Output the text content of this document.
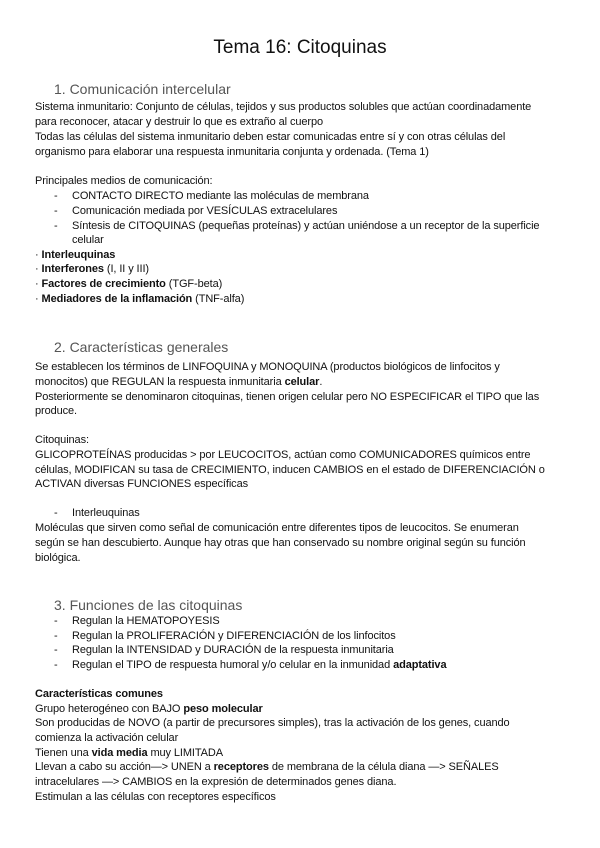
Tema 16: Citoquinas
1. Comunicación intercelular
Sistema inmunitario: Conjunto de células, tejidos y sus productos solubles que actúan coordinadamente
para reconocer, atacar y destruir lo que es extraño al cuerpo
Todas las células del sistema inmunitario deben estar comunicadas entre sí y con otras células del
organismo para elaborar una respuesta inmunitaria conjunta y ordenada. (Tema 1)
Principales medios de comunicación:
- CONTACTO DIRECTO mediante las moléculas de membrana
- Comunicación mediada por VESÍCULAS extracelulares
- Síntesis de CITOQUINAS (pequeñas proteínas) y actúan uniéndose a un receptor de la superficie
celular
· Interleuquinas
· Interferones (I, II y III)
· Factores de crecimiento (TGF-beta)
· Mediadores de la inflamación (TNF-alfa)
2. Características generales
Se establecen los términos de LINFOQUINA y MONOQUINA (productos biológicos de linfocitos y
monocitos) que REGULAN la respuesta inmunitaria celular.
Posteriormente se denominaron citoquinas, tienen origen celular pero NO ESPECIFICAR el TIPO que las
produce.
Citoquinas:
GLICOPROTEÍNAS producidas > por LEUCOCITOS, actúan como COMUNICADORES químicos entre
células, MODIFICAN su tasa de CRECIMIENTO, inducen CAMBIOS en el estado de DIFERENCIACIÓN o
ACTIVAN diversas FUNCIONES específicas
- Interleuquinas
Moléculas que sirven como señal de comunicación entre diferentes tipos de leucocitos. Se enumeran
según se han descubierto. Aunque hay otras que han conservado su nombre original según su función
biológica.
3. Funciones de las citoquinas
- Regulan la HEMATOPOYESIS
- Regulan la PROLIFERACIÓN y DIFERENCIACIÓN de los linfocitos
- Regulan la INTENSIDAD y DURACIÓN de la respuesta inmunitaria
- Regulan el TIPO de respuesta humoral y/o celular en la inmunidad adaptativa
Características comunes
Grupo heterogéneo con BAJO peso molecular
Son producidas de NOVO (a partir de precursores simples), tras la activación de los genes, cuando
comienza la activación celular
Tienen una vida media muy LIMITADA
Llevan a cabo su acción—> UNEN a receptores de membrana de la célula diana —> SEÑALES
intracelulares —> CAMBIOS en la expresión de determinados genes diana.
Estimulan a las células con receptores específicos
